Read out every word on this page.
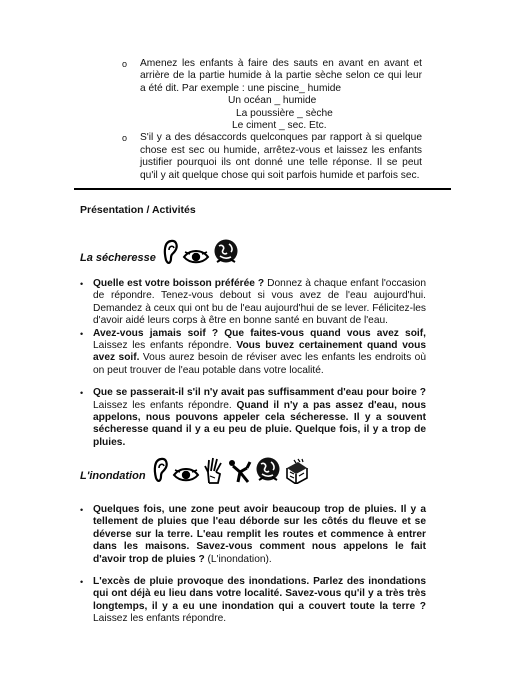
o Amenez les enfants à faire des sauts en avant en avant et arrière de la partie humide à la partie sèche selon ce qui leur a été dit. Par exemple : une piscine_ humide
Un océan _ humide
La poussière _ sèche
Le ciment _ sec. Etc.
o S'il y a des désaccords quelconques par rapport à si quelque chose est sec ou humide, arrêtez-vous et laissez les enfants justifier pourquoi ils ont donné une telle réponse. Il se peut qu'il y ait quelque chose qui soit parfois humide et parfois sec.
Présentation / Activités
La sécheresse
• Quelle est votre boisson préférée ? Donnez à chaque enfant l'occasion de répondre. Tenez-vous debout si vous avez de l'eau aujourd'hui. Demandez à ceux qui ont bu de l'eau aujourd'hui de se lever. Félicitez-les d'avoir aidé leurs corps à être en bonne santé en buvant de l'eau.
• Avez-vous jamais soif ? Que faites-vous quand vous avez soif, Laissez les enfants répondre. Vous buvez certainement quand vous avez soif. Vous aurez besoin de réviser avec les enfants les endroits où on peut trouver de l'eau potable dans votre localité.
• Que se passerait-il s'il n'y avait pas suffisamment d'eau pour boire ? Laissez les enfants répondre. Quand il n'y a pas assez d'eau, nous appelons, nous pouvons appeler cela sécheresse. Il y a souvent sécheresse quand il y a eu peu de pluie. Quelque fois, il y a trop de pluies.
L'inondation
• Quelques fois, une zone peut avoir beaucoup trop de pluies. Il y a tellement de pluies que l'eau déborde sur les côtés du fleuve et se déverse sur la terre. L'eau remplit les routes et commence à entrer dans les maisons. Savez-vous comment nous appelons le fait d'avoir trop de pluies ? (L'inondation).
• L'excès de pluie provoque des inondations. Parlez des inondations qui ont déjà eu lieu dans votre localité. Savez-vous qu'il y a très très longtemps, il y a eu une inondation qui a couvert toute la terre ? Laissez les enfants répondre.
